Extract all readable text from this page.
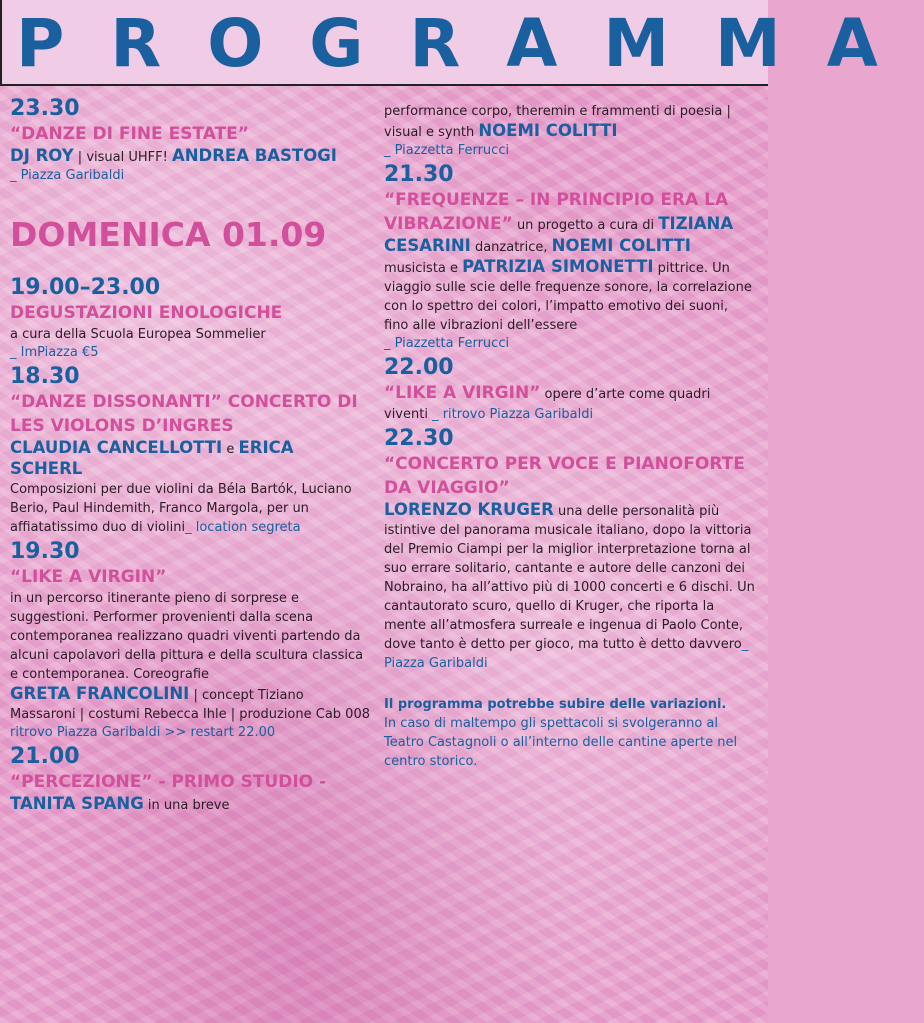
PROGRAMMA
23.30
“DANZE DI FINE ESTATE”
DJ ROY | visual UHFF! ANDREA BASTOGI
_ Piazza Garibaldi
DOMENICA 01.09
19.00–23.00
DEGUSTAZIONI ENOLOGICHE
a cura della Scuola Europea Sommelier
_ ImPiazza €5
18.30
“DANZE DISSONANTI” CONCERTO DI LES VIOLONS D’INGRES
CLAUDIA CANCELLOTTI e ERICA SCHERL
Composizioni per due violini da Béla Bartók, Luciano Berio, Paul Hindemith, Franco Margola, per un affiatatissimo duo di violini_ location segreta
19.30
“LIKE A VIRGIN”
in un percorso itinerante pieno di sorprese e suggestioni. Performer provenienti dalla scena contemporanea realizzano quadri viventi partendo da alcuni capolavori della pittura e della scultura classica e contemporanea. Coreografie
GRETA FRANCOLINI | concept Tiziano Massaroni | costumi Rebecca Ihle | produzione Cab 008
ritrovo Piazza Garibaldi >> restart 22.00
21.00
“PERCEZIONE” - PRIMO STUDIO -
TANITA SPANG in una breve
performance corpo, theremin e frammenti di poesia | visual e synth NOEMI COLITTI
_ Piazzetta Ferrucci
21.30
“FREQUENZE – IN PRINCIPIO ERA LA VIBRAZIONE” un progetto a cura di TIZIANA CESARINI danzatrice, NOEMI COLITTI musicista e PATRIZIA SIMONETTI pittrice. Un viaggio sulle scie delle frequenze sonore, la correlazione con lo spettro dei colori, l’impatto emotivo dei suoni, fino alle vibrazioni dell’essere
_ Piazzetta Ferrucci
22.00
“LIKE A VIRGIN” opere d’arte come quadri viventi _ ritrovo Piazza Garibaldi
22.30
“CONCERTO PER VOCE E PIANOFORTE DA VIAGGIO”
LORENZO KRUGER una delle personalità più istintive del panorama musicale italiano, dopo la vittoria del Premio Ciampi per la miglior interpretazione torna al suo errare solitario, cantante e autore delle canzoni dei Nobraino, ha all’attivo più di 1000 concerti e 6 dischi. Un cantautorato scuro, quello di Kruger, che riporta la mente all’atmosfera surreale e ingenua di Paolo Conte, dove tanto è detto per gioco, ma tutto è detto davvero_ Piazza Garibaldi
Il programma potrebbe subire delle variazioni.
In caso di maltempo gli spettacoli si svolgeranno al Teatro Castagnoli o all’interno delle cantine aperte nel centro storico.
